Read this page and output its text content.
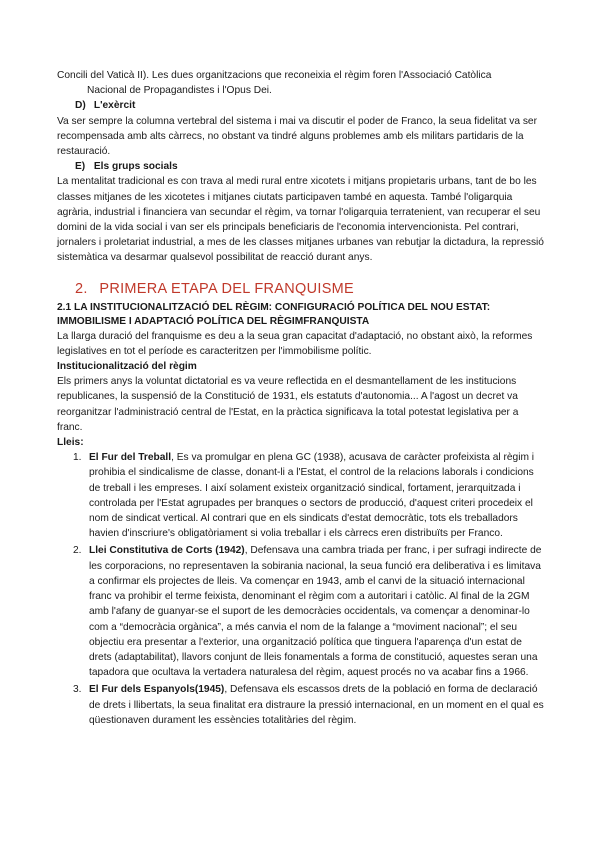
Concili del Vaticà II). Les dues organitzacions que reconeixia el règim foren l'Associació Catòlica

Nacional de Propagandistes i l'Opus Dei.

D) L'exèrcit

Va ser sempre la columna vertebral del sistema i mai va discutir el poder de Franco, la seua fidelitat va ser recompensada amb alts càrrecs, no obstant va tindré alguns problemes amb els militars partidaris de la restauració.

E) Els grups socials

La mentalitat tradicional es con trava al medi rural entre xicotets i mitjans propietaris urbans, tant de bo les classes mitjanes de les xicotetes i mitjanes ciutats participaven també en aquesta. També l'oligarquia agrària, industrial i financiera van secundar el règim, va tornar l'oligarquia terratenient, van recuperar el seu domini de la vida social i van ser els principals beneficiaris de l'economia intervencionista. Pel contrari, jornalers i proletariat industrial, a mes de les classes mitjanes urbanes van rebutjar la dictadura, la repressió sistemàtica va desarmar qualsevol possibilitat de reacció durant anys.

2. PRIMERA ETAPA DEL FRANQUISME

2.1 LA INSTITUCIONALITZACIÓ DEL RÈGIM: CONFIGURACIÓ POLÍTICA DEL NOU ESTAT: IMMOBILISME I ADAPTACIÓ POLÍTICA DEL RÈGIMFRANQUISTA

La llarga duració del franquisme es deu a la seua gran capacitat d'adaptació, no obstant això, la reformes legislatives en tot el període es caracteritzen per l'immobilisme polític.

Institucionalització del règim

Els primers anys la voluntat dictatorial es va veure reflectida en el desmantellament de les institucions republicanes, la suspensió de la Constitució de 1931, els estatuts d'autonomia... A l'agost un decret va reorganitzar l'administració central de l'Estat, en la pràctica significava la total potestat legislativa per a franc.

Lleis:

1. El Fur del Treball, Es va promulgar en plena GC (1938), acusava de caràcter profeixista al règim i prohibia el sindicalisme de classe, donant-li a l'Estat, el control de la relacions laborals i condicions de treball i les empreses. I així solament existeix organització sindical, fortament, jerarquitzada i controlada per l'Estat agrupades per branques o sectors de producció, d'aquest criteri procedeix el nom de sindicat vertical. Al contrari que en els sindicats d'estat democràtic, tots els treballadors havien d'inscriure's obligatòriament si volia treballar i els càrrecs eren distribuïts per Franco.
2. Llei Constitutiva de Corts (1942), Defensava una cambra triada per franc, i per sufragi indirecte de les corporacions, no representaven la sobirania nacional, la seua funció era deliberativa i es limitava a confirmar els projectes de lleis. Va començar en 1943, amb el canvi de la situació internacional franc va prohibir el terme feixista, denominant el règim com a autoritari i catòlic. Al final de la 2GM amb l'afany de guanyar-se el suport de les democràcies occidentals, va començar a denominar-lo com a “democràcia orgànica”, a més canvia el nom de la falange a “moviment nacional”; el seu objectiu era presentar a l'exterior, una organització política que tinguera l'aparença d'un estat de drets (adaptabilitat), llavors conjunt de lleis fonamentals a forma de constitució, aquestes seran una tapadora que ocultava la vertadera naturalesa del règim, aquest procés no va acabar fins a 1966.
3. El Fur dels Espanyols(1945), Defensava els escassos drets de la població en forma de declaració de drets i llibertats, la seua finalitat era distraure la pressió internacional, en un moment en el qual es qüestionaven durament les essències totalitàries del règim.
